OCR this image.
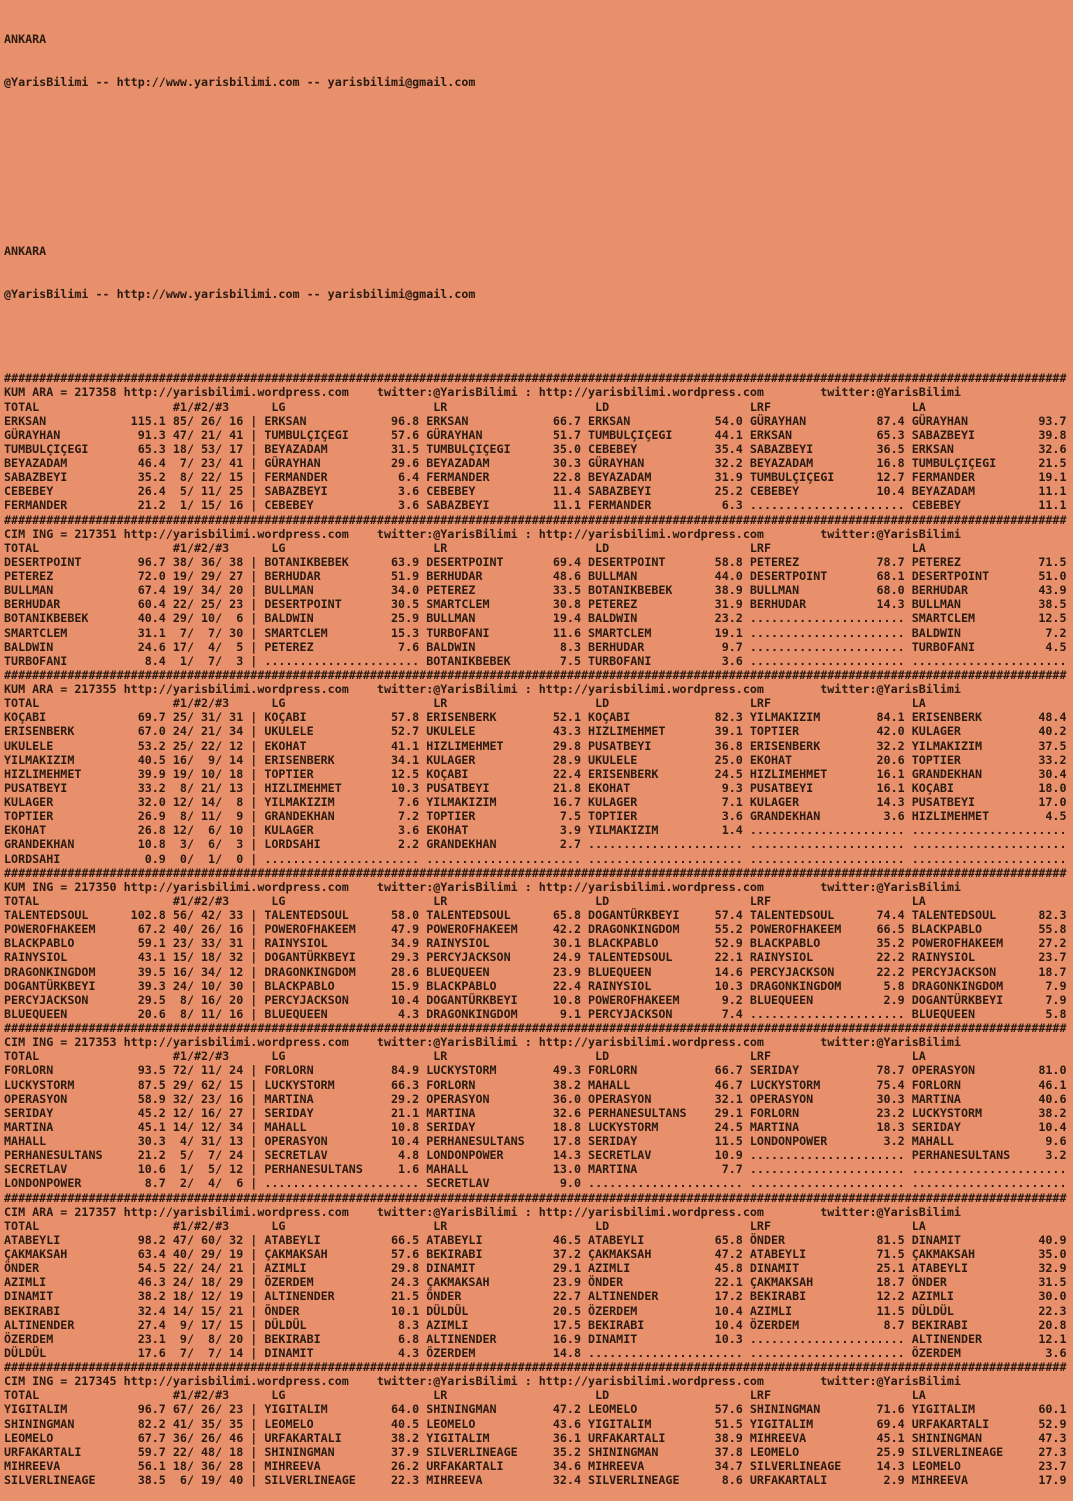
ANKARA

@YarisBilimi -- http://www.yarisbilimi.com -- yarisbilimi@gmail.com

ANKARA

@YarisBilimi -- http://www.yarisbilimi.com -- yarisbilimi@gmail.com

#######################################################################################################################################################
KUM ARA = 217358 http://yarisbilimi.wordpress.com    twitter:@YarisBilimi : http://yarisbilimi.wordpress.com        twitter:@YarisBilimi
TOTAL                   #1/#2/#3      LG                     LR                     LD                    LRF                    LA
ERKSAN            115.1 85/ 26/ 16 | ERKSAN            96.8 ERKSAN            66.7 ERKSAN            54.0 GÜRAYHAN          87.4 GÜRAYHAN          93.7
GÜRAYHAN           91.3 47/ 21/ 41 | TUMBULÇIÇEGI      57.6 GÜRAYHAN          51.7 TUMBULÇIÇEGI      44.1 ERKSAN            65.3 SABAZBEYI         39.8
TUMBULÇIÇEGI       65.3 18/ 53/ 17 | BEYAZADAM         31.5 TUMBULÇIÇEGI      35.0 CEBEBEY           35.4 SABAZBEYI         36.5 ERKSAN            32.6
BEYAZADAM          46.4  7/ 23/ 41 | GÜRAYHAN          29.6 BEYAZADAM         30.3 GÜRAYHAN          32.2 BEYAZADAM         16.8 TUMBULÇIÇEGI      21.5
SABAZBEYI          35.2  8/ 22/ 15 | FERMANDER          6.4 FERMANDER         22.8 BEYAZADAM         31.9 TUMBULÇIÇEGI      12.7 FERMANDER         19.1
CEBEBEY            26.4  5/ 11/ 25 | SABAZBEYI          3.6 CEBEBEY           11.4 SABAZBEYI         25.2 CEBEBEY           10.4 BEYAZADAM         11.1
FERMANDER          21.2  1/ 15/ 16 | CEBEBEY            3.6 SABAZBEYI         11.1 FERMANDER          6.3 ...................... CEBEBEY           11.1
#######################################################################################################################################################
CIM ING = 217351 http://yarisbilimi.wordpress.com    twitter:@YarisBilimi : http://yarisbilimi.wordpress.com        twitter:@YarisBilimi
TOTAL                   #1/#2/#3      LG                     LR                     LD                    LRF                    LA
DESERTPOINT        96.7 38/ 36/ 38 | BOTANIKBEBEK      63.9 DESERTPOINT       69.4 DESERTPOINT       58.8 PETEREZ           78.7 PETEREZ           71.5
PETEREZ            72.0 19/ 29/ 27 | BERHUDAR          51.9 BERHUDAR          48.6 BULLMAN           44.0 DESERTPOINT       68.1 DESERTPOINT       51.0
BULLMAN            67.4 19/ 34/ 20 | BULLMAN           34.0 PETEREZ           33.5 BOTANIKBEBEK      38.9 BULLMAN           68.0 BERHUDAR          43.9
BERHUDAR           60.4 22/ 25/ 23 | DESERTPOINT       30.5 SMARTCLEM         30.8 PETEREZ           31.9 BERHUDAR          14.3 BULLMAN           38.5
BOTANIKBEBEK       40.4 29/ 10/  6 | BALDWIN           25.9 BULLMAN           19.4 BALDWIN           23.2 ...................... SMARTCLEM         12.5
SMARTCLEM          31.1  7/  7/ 30 | SMARTCLEM         15.3 TURBOFANI         11.6 SMARTCLEM         19.1 ...................... BALDWIN            7.2
BALDWIN            24.6 17/  4/  5 | PETEREZ            7.6 BALDWIN            8.3 BERHUDAR           9.7 ...................... TURBOFANI          4.5
TURBOFANI           8.4  1/  7/  3 | ...................... BOTANIKBEBEK       7.5 TURBOFANI          3.6 ...................... ......................
#######################################################################################################################################################
KUM ARA = 217355 http://yarisbilimi.wordpress.com    twitter:@YarisBilimi : http://yarisbilimi.wordpress.com        twitter:@YarisBilimi
TOTAL                   #1/#2/#3      LG                     LR                     LD                    LRF                    LA
KOÇABI             69.7 25/ 31/ 31 | KOÇABI            57.8 ERISENBERK        52.1 KOÇABI            82.3 YILMAKIZIM        84.1 ERISENBERK        48.4
ERISENBERK         67.0 24/ 21/ 34 | UKULELE           52.7 UKULELE           43.3 HIZLIMEHMET       39.1 TOPTIER           42.0 KULAGER           40.2
UKULELE            53.2 25/ 22/ 12 | EKOHAT            41.1 HIZLIMEHMET       29.8 PUSATBEYI         36.8 ERISENBERK        32.2 YILMAKIZIM        37.5
YILMAKIZIM         40.5 16/  9/ 14 | ERISENBERK        34.1 KULAGER           28.9 UKULELE           25.0 EKOHAT            20.6 TOPTIER           33.2
HIZLIMEHMET        39.9 19/ 10/ 18 | TOPTIER           12.5 KOÇABI            22.4 ERISENBERK        24.5 HIZLIMEHMET       16.1 GRANDEKHAN        30.4
PUSATBEYI          33.2  8/ 21/ 13 | HIZLIMEHMET       10.3 PUSATBEYI         21.8 EKOHAT             9.3 PUSATBEYI         16.1 KOÇABI            18.0
KULAGER            32.0 12/ 14/  8 | YILMAKIZIM         7.6 YILMAKIZIM        16.7 KULAGER            7.1 KULAGER           14.3 PUSATBEYI         17.0
TOPTIER            26.9  8/ 11/  9 | GRANDEKHAN         7.2 TOPTIER            7.5 TOPTIER            3.6 GRANDEKHAN         3.6 HIZLIMEHMET        4.5
EKOHAT             26.8 12/  6/ 10 | KULAGER            3.6 EKOHAT             3.9 YILMAKIZIM         1.4 ...................... ......................
GRANDEKHAN         10.8  3/  6/  3 | LORDSAHI           2.2 GRANDEKHAN         2.7 ...................... ...................... ......................
LORDSAHI            0.9  0/  1/  0 | ...................... ...................... ...................... ...................... ......................
#######################################################################################################################################################
KUM ING = 217350 http://yarisbilimi.wordpress.com    twitter:@YarisBilimi : http://yarisbilimi.wordpress.com        twitter:@YarisBilimi
TOTAL                   #1/#2/#3      LG                     LR                     LD                    LRF                    LA
TALENTEDSOUL      102.8 56/ 42/ 33 | TALENTEDSOUL      58.0 TALENTEDSOUL      65.8 DOGANTÜRKBEYI     57.4 TALENTEDSOUL      74.4 TALENTEDSOUL      82.3
POWEROFHAKEEM      67.2 40/ 26/ 16 | POWEROFHAKEEM     47.9 POWEROFHAKEEM     42.2 DRAGONKINGDOM     55.2 POWEROFHAKEEM     66.5 BLACKPABLO        55.8
BLACKPABLO         59.1 23/ 33/ 31 | RAINYSIOL         34.9 RAINYSIOL         30.1 BLACKPABLO        52.9 BLACKPABLO        35.2 POWEROFHAKEEM     27.2
RAINYSIOL          43.1 15/ 18/ 32 | DOGANTÜRKBEYI     29.3 PERCYJACKSON      24.9 TALENTEDSOUL      22.1 RAINYSIOL         22.2 RAINYSIOL         23.7
DRAGONKINGDOM      39.5 16/ 34/ 12 | DRAGONKINGDOM     28.6 BLUEQUEEN         23.9 BLUEQUEEN         14.6 PERCYJACKSON      22.2 PERCYJACKSON      18.7
DOGANTÜRKBEYI      39.3 24/ 10/ 30 | BLACKPABLO        15.9 BLACKPABLO        22.4 RAINYSIOL         10.3 DRAGONKINGDOM      5.8 DRAGONKINGDOM      7.9
PERCYJACKSON       29.5  8/ 16/ 20 | PERCYJACKSON      10.4 DOGANTÜRKBEYI     10.8 POWEROFHAKEEM      9.2 BLUEQUEEN          2.9 DOGANTÜRKBEYI      7.9
BLUEQUEEN          20.6  8/ 11/ 16 | BLUEQUEEN          4.3 DRAGONKINGDOM      9.1 PERCYJACKSON       7.4 ...................... BLUEQUEEN          5.8
#######################################################################################################################################################
CIM ING = 217353 http://yarisbilimi.wordpress.com    twitter:@YarisBilimi : http://yarisbilimi.wordpress.com        twitter:@YarisBilimi
TOTAL                   #1/#2/#3      LG                     LR                     LD                    LRF                    LA
FORLORN            93.5 72/ 11/ 24 | FORLORN           84.9 LUCKYSTORM        49.3 FORLORN           66.7 SERIDAY           78.7 OPERASYON         81.0
LUCKYSTORM         87.5 29/ 62/ 15 | LUCKYSTORM        66.3 FORLORN           38.2 MAHALL            46.7 LUCKYSTORM        75.4 FORLORN           46.1
OPERASYON          58.9 32/ 23/ 16 | MARTINA           29.2 OPERASYON         36.0 OPERASYON         32.1 OPERASYON         30.3 MARTINA           40.6
SERIDAY            45.2 12/ 16/ 27 | SERIDAY           21.1 MARTINA           32.6 PERHANESULTANS    29.1 FORLORN           23.2 LUCKYSTORM        38.2
MARTINA            45.1 14/ 12/ 34 | MAHALL            10.8 SERIDAY           18.8 LUCKYSTORM        24.5 MARTINA           18.3 SERIDAY           10.4
MAHALL             30.3  4/ 31/ 13 | OPERASYON         10.4 PERHANESULTANS    17.8 SERIDAY           11.5 LONDONPOWER        3.2 MAHALL             9.6
PERHANESULTANS     21.2  5/  7/ 24 | SECRETLAV          4.8 LONDONPOWER       14.3 SECRETLAV         10.9 ...................... PERHANESULTANS     3.2
SECRETLAV          10.6  1/  5/ 12 | PERHANESULTANS     1.6 MAHALL            13.0 MARTINA            7.7 ...................... ......................
LONDONPOWER         8.7  2/  4/  6 | ...................... SECRETLAV          9.0 ...................... ...................... ......................
#######################################################################################################################################################
CIM ARA = 217357 http://yarisbilimi.wordpress.com    twitter:@YarisBilimi : http://yarisbilimi.wordpress.com        twitter:@YarisBilimi
TOTAL                   #1/#2/#3      LG                     LR                     LD                    LRF                    LA
ATABEYLI           98.2 47/ 60/ 32 | ATABEYLI          66.5 ATABEYLI          46.5 ATABEYLI          65.8 ÖNDER             81.5 DINAMIT           40.9
ÇAKMAKSAH          63.4 40/ 29/ 19 | ÇAKMAKSAH         57.6 BEKIRABI          37.2 ÇAKMAKSAH         47.2 ATABEYLI          71.5 ÇAKMAKSAH         35.0
ÖNDER              54.5 22/ 24/ 21 | AZIMLI            29.8 DINAMIT           29.1 AZIMLI            45.8 DINAMIT           25.1 ATABEYLI          32.9
AZIMLI             46.3 24/ 18/ 29 | ÖZERDEM           24.3 ÇAKMAKSAH         23.9 ÖNDER             22.1 ÇAKMAKSAH         18.7 ÖNDER             31.5
DINAMIT            38.2 18/ 12/ 19 | ALTINENDER        21.5 ÖNDER             22.7 ALTINENDER        17.2 BEKIRABI          12.2 AZIMLI            30.0
BEKIRABI           32.4 14/ 15/ 21 | ÖNDER             10.1 DÜLDÜL            20.5 ÖZERDEM           10.4 AZIMLI            11.5 DÜLDÜL            22.3
ALTINENDER         27.4  9/ 17/ 15 | DÜLDÜL             8.3 AZIMLI            17.5 BEKIRABI          10.4 ÖZERDEM            8.7 BEKIRABI          20.8
ÖZERDEM            23.1  9/  8/ 20 | BEKIRABI           6.8 ALTINENDER        16.9 DINAMIT           10.3 ...................... ALTINENDER        12.1
DÜLDÜL             17.6  7/  7/ 14 | DINAMIT            4.3 ÖZERDEM           14.8 ...................... ...................... ÖZERDEM            3.6
#######################################################################################################################################################
CIM ING = 217345 http://yarisbilimi.wordpress.com    twitter:@YarisBilimi : http://yarisbilimi.wordpress.com        twitter:@YarisBilimi
TOTAL                   #1/#2/#3      LG                     LR                     LD                    LRF                    LA
YIGITALIM          96.7 67/ 26/ 23 | YIGITALIM         64.0 SHININGMAN        47.2 LEOMELO           57.6 SHININGMAN        71.6 YIGITALIM         60.1
SHININGMAN         82.2 41/ 35/ 35 | LEOMELO           40.5 LEOMELO           43.6 YIGITALIM         51.5 YIGITALIM         69.4 URFAKARTALI       52.9
LEOMELO            67.7 36/ 26/ 46 | URFAKARTALI       38.2 YIGITALIM         36.1 URFAKARTALI       38.9 MIHREEVA          45.1 SHININGMAN        47.3
URFAKARTALI        59.7 22/ 48/ 18 | SHININGMAN        37.9 SILVERLINEAGE     35.2 SHININGMAN        37.8 LEOMELO           25.9 SILVERLINEAGE     27.3
MIHREEVA           56.1 18/ 36/ 28 | MIHREEVA          26.2 URFAKARTALI       34.6 MIHREEVA          34.7 SILVERLINEAGE     14.3 LEOMELO           23.7
SILVERLINEAGE      38.5  6/ 19/ 40 | SILVERLINEAGE     22.3 MIHREEVA          32.4 SILVERLINEAGE      8.6 URFAKARTALI        2.9 MIHREEVA          17.9
